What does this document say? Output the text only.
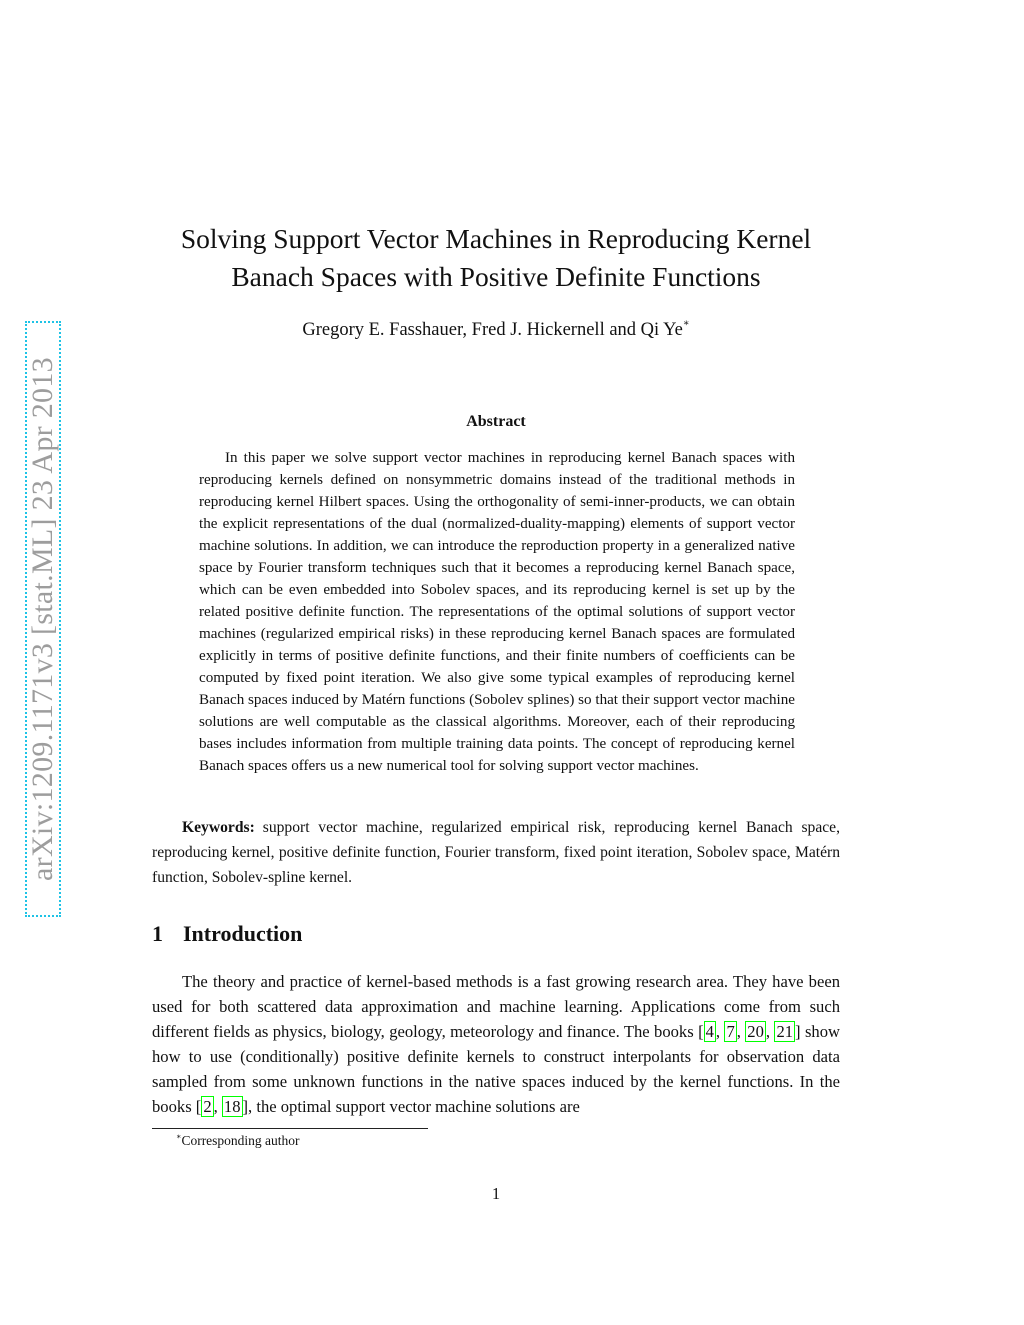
arXiv:1209.1171v3 [stat.ML] 23 Apr 2013
Solving Support Vector Machines in Reproducing Kernel
Banach Spaces with Positive Definite Functions
Gregory E. Fasshauer, Fred J. Hickernell and Qi Ye∗
Abstract
In this paper we solve support vector machines in reproducing kernel Banach spaces with reproducing kernels defined on nonsymmetric domains instead of the traditional methods in reproducing kernel Hilbert spaces. Using the orthogonality of semi-inner-products, we can obtain the explicit representations of the dual (normalized-duality-mapping) elements of support vector machine solutions. In addition, we can introduce the reproduction property in a generalized native space by Fourier transform techniques such that it becomes a reproducing kernel Banach space, which can be even embedded into Sobolev spaces, and its reproducing kernel is set up by the related positive definite function. The representations of the optimal solutions of support vector machines (regularized empirical risks) in these reproducing kernel Banach spaces are formulated explicitly in terms of positive definite functions, and their finite numbers of coefficients can be computed by fixed point iteration. We also give some typical examples of reproducing kernel Banach spaces induced by Matérn functions (Sobolev splines) so that their support vector machine solutions are well computable as the classical algorithms. Moreover, each of their reproducing bases includes information from multiple training data points. The concept of reproducing kernel Banach spaces offers us a new numerical tool for solving support vector machines.
Keywords: support vector machine, regularized empirical risk, reproducing kernel Banach space, reproducing kernel, positive definite function, Fourier transform, fixed point iteration, Sobolev space, Matérn function, Sobolev-spline kernel.
1 Introduction
The theory and practice of kernel-based methods is a fast growing research area. They have been used for both scattered data approximation and machine learning. Applications come from such different fields as physics, biology, geology, meteorology and finance. The books [ 4 , 7 , 20 , 21 ] show how to use (conditionally) positive definite kernels to construct interpolants for observation data sampled from some unknown functions in the native spaces induced by the kernel functions. In the books [ 2 , 18 ], the optimal support vector machine solutions are
∗Corresponding author
1
